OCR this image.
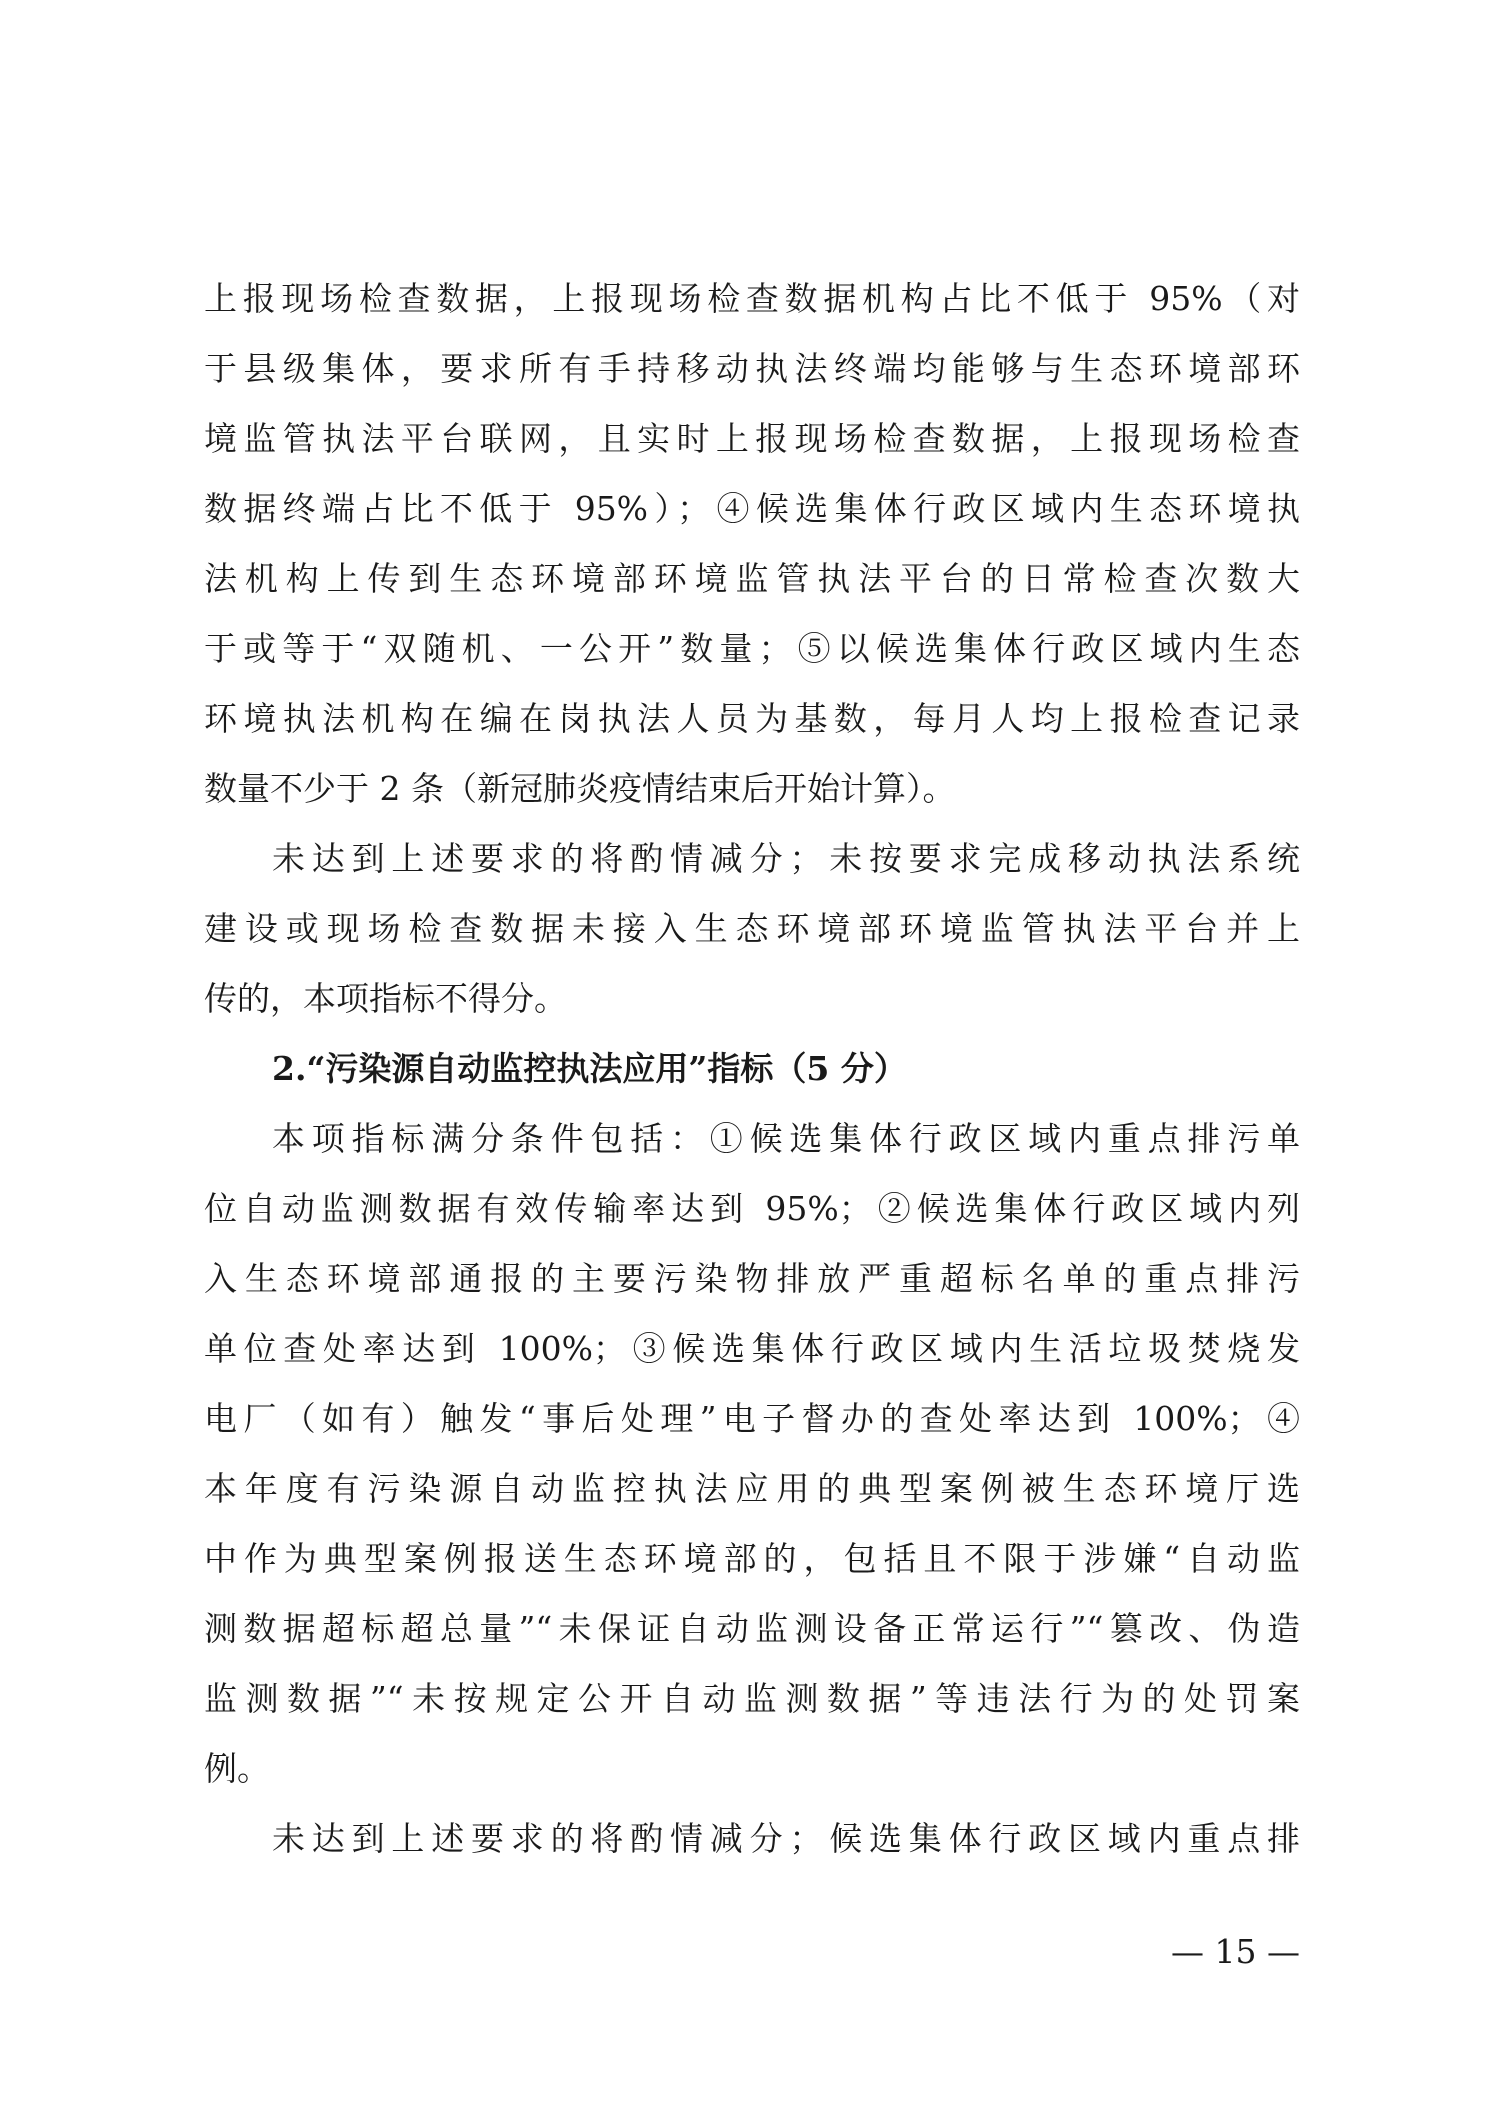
上报现场检查数据，上报现场检查数据机构占比不低于 95%（对
于县级集体，要求所有手持移动执法终端均能够与生态环境部环
境监管执法平台联网，且实时上报现场检查数据，上报现场检查
数据终端占比不低于 95%）；④候选集体行政区域内生态环境执
法机构上传到生态环境部环境监管执法平台的日常检查次数大
于或等于“双随机、一公开”数量；⑤以候选集体行政区域内生态
环境执法机构在编在岗执法人员为基数，每月人均上报检查记录
数量不少于 2 条（新冠肺炎疫情结束后开始计算）。
未达到上述要求的将酌情减分；未按要求完成移动执法系统
建设或现场检查数据未接入生态环境部环境监管执法平台并上
传的，本项指标不得分。
2.“污染源自动监控执法应用”指标（5 分）
本项指标满分条件包括：①候选集体行政区域内重点排污单
位自动监测数据有效传输率达到 95%；②候选集体行政区域内列
入生态环境部通报的主要污染物排放严重超标名单的重点排污
单位查处率达到 100%；③候选集体行政区域内生活垃圾焚烧发
电厂（如有）触发“事后处理”电子督办的查处率达到 100%；④
本年度有污染源自动监控执法应用的典型案例被生态环境厅选
中作为典型案例报送生态环境部的，包括且不限于涉嫌“自动监
测数据超标超总量”“未保证自动监测设备正常运行”“篡改、伪造
监测数据”“未按规定公开自动监测数据”等违法行为的处罚案
例。
未达到上述要求的将酌情减分；候选集体行政区域内重点排
— 15 —
